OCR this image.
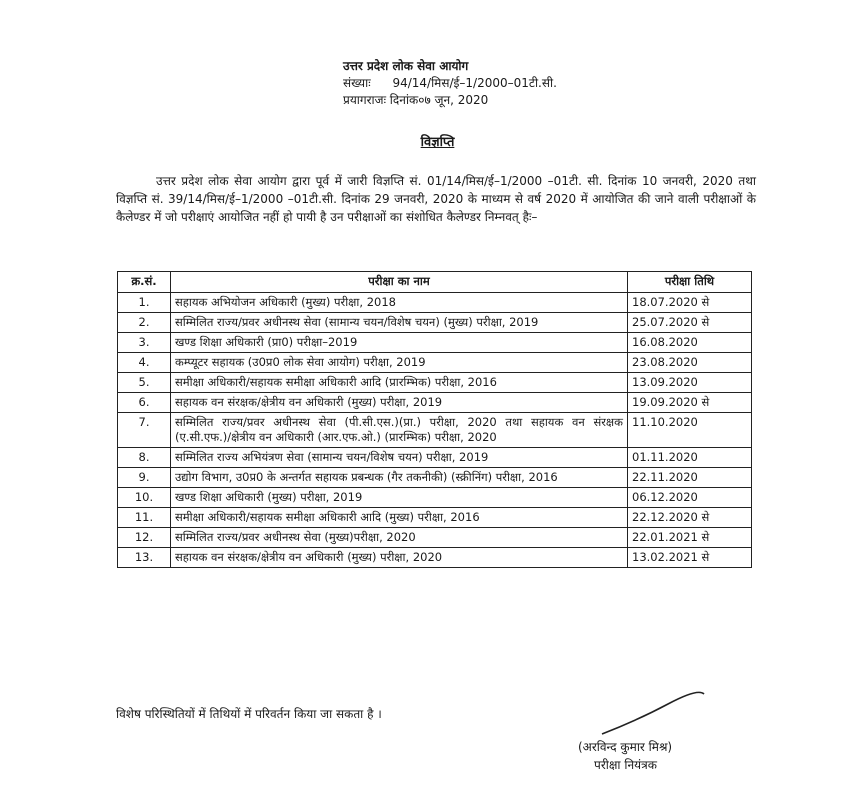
उत्तर प्रदेश लोक सेवा आयोग
संख्याः 94/14/मिस/ई–1/2000–01टी.सी.
प्रयागराजः दिनांक०७ जून, 2020
विज्ञप्ति
उत्तर प्रदेश लोक सेवा आयोग द्वारा पूर्व में जारी विज्ञप्ति सं. 01/14/मिस/ई–1/2000 –01टी. सी. दिनांक 10 जनवरी, 2020 तथा विज्ञप्ति सं. 39/14/मिस/ई–1/2000 –01टी.सी. दिनांक 29 जनवरी, 2020 के माध्यम से वर्ष 2020 में आयोजित की जाने वाली परीक्षाओं के कैलेण्डर में जो परीक्षाएं आयोजित नहीं हो पायी है उन परीक्षाओं का संशोधित कैलेण्डर निम्नवत् हैः–
क्र.सं.	परीक्षा का नाम	परीक्षा तिथि
1.	सहायक अभियोजन अधिकारी (मुख्य) परीक्षा, 2018	18.07.2020 से
2.	सम्मिलित राज्य/प्रवर अधीनस्थ सेवा (सामान्य चयन/विशेष चयन) (मुख्य) परीक्षा, 2019	25.07.2020 से
3.	खण्ड शिक्षा अधिकारी (प्रा0) परीक्षा–2019	16.08.2020
4.	कम्प्यूटर सहायक (उ0प्र0 लोक सेवा आयोग) परीक्षा, 2019	23.08.2020
5.	समीक्षा अधिकारी/सहायक समीक्षा अधिकारी आदि (प्रारम्भिक) परीक्षा, 2016	13.09.2020
6.	सहायक वन संरक्षक/क्षेत्रीय वन अधिकारी (मुख्य) परीक्षा, 2019	19.09.2020 से
7.	सम्मिलित राज्य/प्रवर अधीनस्थ सेवा (पी.सी.एस.)(प्रा.) परीक्षा, 2020 तथा सहायक वन संरक्षक (ए.सी.एफ.)/क्षेत्रीय वन अधिकारी (आर.एफ.ओ.) (प्रारम्भिक) परीक्षा, 2020	11.10.2020
8.	सम्मिलित राज्य अभियंत्रण सेवा (सामान्य चयन/विशेष चयन) परीक्षा, 2019	01.11.2020
9.	उद्योग विभाग, उ0प्र0 के अन्तर्गत सहायक प्रबन्धक (गैर तकनीकी) (स्क्रीनिंग) परीक्षा, 2016	22.11.2020
10.	खण्ड शिक्षा अधिकारी (मुख्य) परीक्षा, 2019	06.12.2020
11.	समीक्षा अधिकारी/सहायक समीक्षा अधिकारी आदि (मुख्य) परीक्षा, 2016	22.12.2020 से
12.	सम्मिलित राज्य/प्रवर अधीनस्थ सेवा (मुख्य)परीक्षा, 2020	22.01.2021 से
13.	सहायक वन संरक्षक/क्षेत्रीय वन अधिकारी (मुख्य) परीक्षा, 2020	13.02.2021 से
विशेष परिस्थितियों में तिथियों में परिवर्तन किया जा सकता है ।
(अरविन्द कुमार मिश्र)
परीक्षा नियंत्रक
